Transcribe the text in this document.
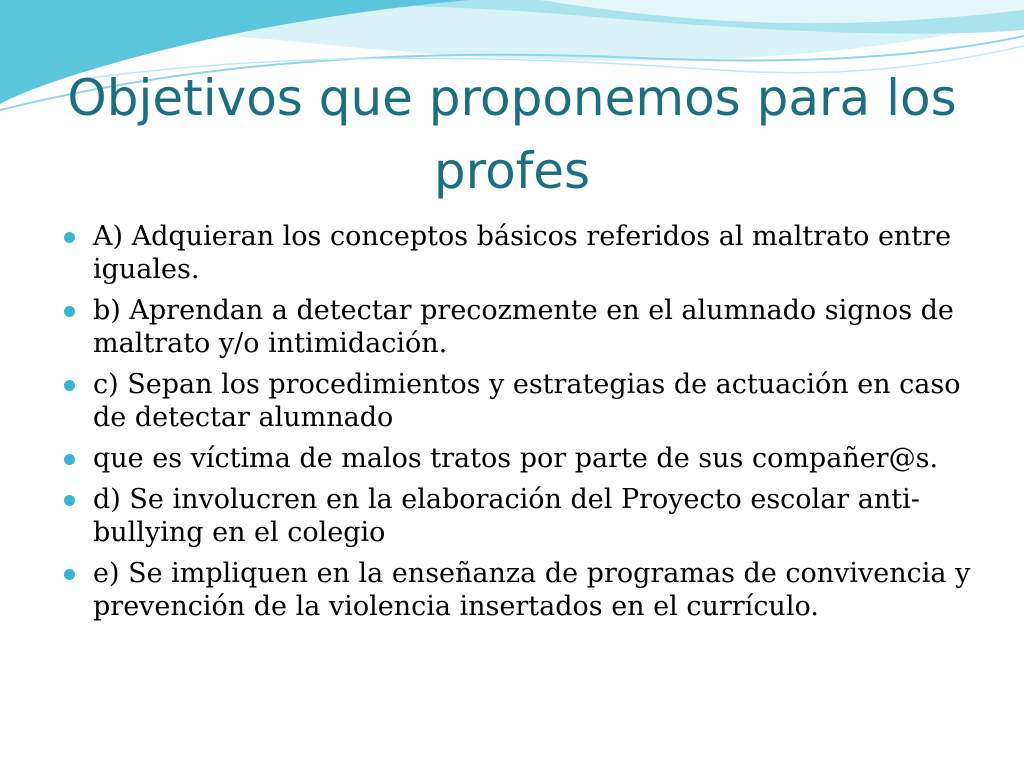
Objetivos que proponemos para los profes
A) Adquieran los conceptos básicos referidos al maltrato entre iguales.
b) Aprendan a detectar precozmente en el alumnado signos de maltrato y/o intimidación.
c) Sepan los procedimientos y estrategias de actuación en caso de detectar alumnado
que es víctima de malos tratos por parte de sus compañer@s.
d) Se involucren en la elaboración del Proyecto escolar anti-bullying en el colegio
e) Se impliquen en la enseñanza de programas de convivencia y prevención de la violencia insertados en el currículo.
